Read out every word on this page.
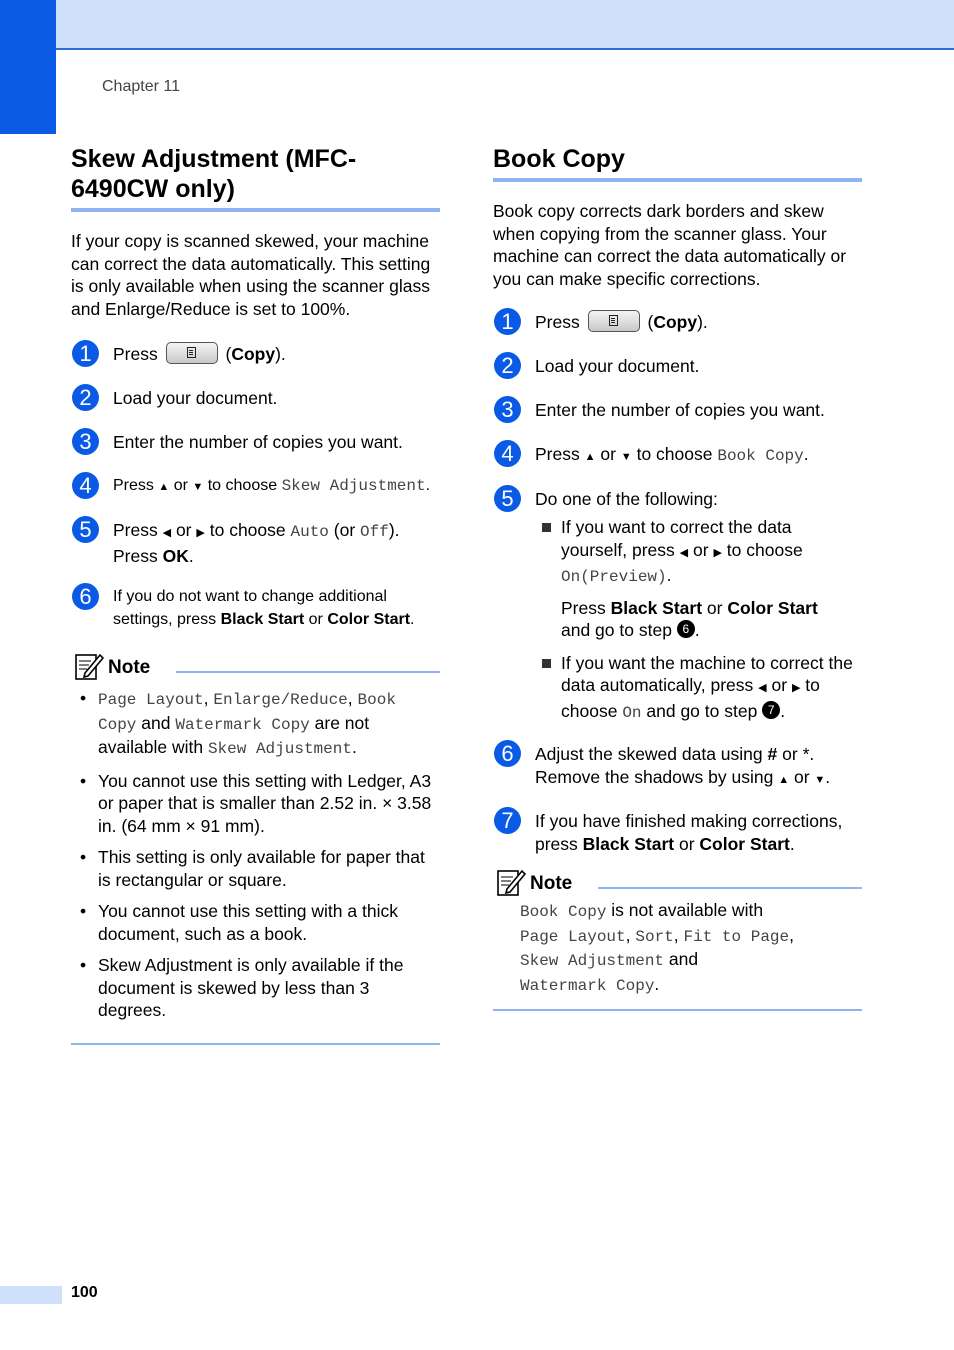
Chapter 11
Skew Adjustment (MFC-6490CW only)
If your copy is scanned skewed, your machine can correct the data automatically. This setting is only available when using the scanner glass and Enlarge/Reduce is set to 100%.
1	Press	(Copy).
2	Load your document.
3	Enter the number of copies you want.
4	Press ▲ or ▼ to choose Skew Adjustment.
5	Press ◀ or ▶ to choose Auto (or Off).
Press OK.
6	If you do not want to change additional settings, press Black Start or Color Start.
Note
• Page Layout, Enlarge/Reduce, Book Copy and Watermark Copy are not available with Skew Adjustment.
• You cannot use this setting with Ledger, A3 or paper that is smaller than 2.52 in. × 3.58 in. (64 mm × 91 mm).
• This setting is only available for paper that is rectangular or square.
• You cannot use this setting with a thick document, such as a book.
• Skew Adjustment is only available if the document is skewed by less than 3 degrees.
Book Copy
Book copy corrects dark borders and skew when copying from the scanner glass. Your machine can correct the data automatically or you can make specific corrections.
1	Press	(Copy).
2	Load your document.
3	Enter the number of copies you want.
4	Press ▲ or ▼ to choose Book Copy.
5	Do one of the following:
If you want to correct the data yourself, press ◀ or ▶ to choose On(Preview).
Press Black Start or Color Start
and go to step 6 .
If you want the machine to correct the data automatically, press ◀ or ▶ to choose On and go to step 7 .
6	Adjust the skewed data using # or *.
Remove the shadows by using ▲ or ▼.
7	If you have finished making corrections, press Black Start or Color Start.
Note
Book Copy is not available with
Page Layout, Sort, Fit to Page,
Skew Adjustment and
Watermark Copy.
100
